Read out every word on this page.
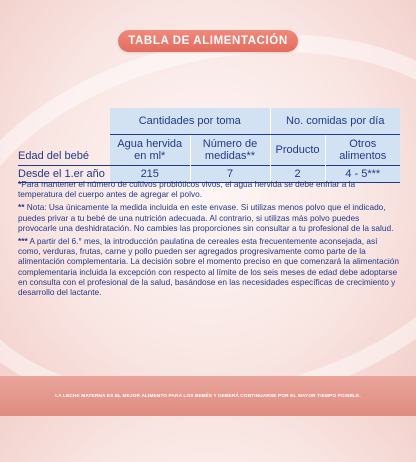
TABLA DE ALIMENTACIÓN
Edad del bebé	Cantidades por toma		No. comidas por día	
	Agua hervida en ml*	Número de medidas**	Producto	Otros alimentos
Desde el 1.er año	215	7	2	4 - 5***

*Para mantener el número de cultivos probióticos vivos, el agua hervida se debe enfriar a la temperatura del cuerpo antes de agregar el polvo.

** Nota: Usa únicamente la medida incluida en este envase. Si utilizas menos polvo que el indicado, puedes privar a tu bebé de una nutrición adecuada. Al contrario, si utilizas más polvo puedes provocarle una deshidratación. No cambies las proporciones sin consultar a tu profesional de la salud.

*** A partir del 6.° mes, la introducción paulatina de cereales esta frecuentemente aconsejada, así como, verduras, frutas, carne y pollo pueden ser agregados progresivamente como parte de la alimentación complementaria. La decisión sobre el momento preciso en que comenzará la alimentación complementaria incluida la excepción con respecto al límite de los seis meses de edad debe adoptarse en consulta con el profesional de la salud, basándose en las necesidades específicas de crecimiento y desarrollo del lactante.

LA LECHE MATERNA ES EL MEJOR ALIMENTO PARA LOS BEBÉS Y DEBERÁ CONTINUARSE POR EL MAYOR TIEMPO POSIBLE.
